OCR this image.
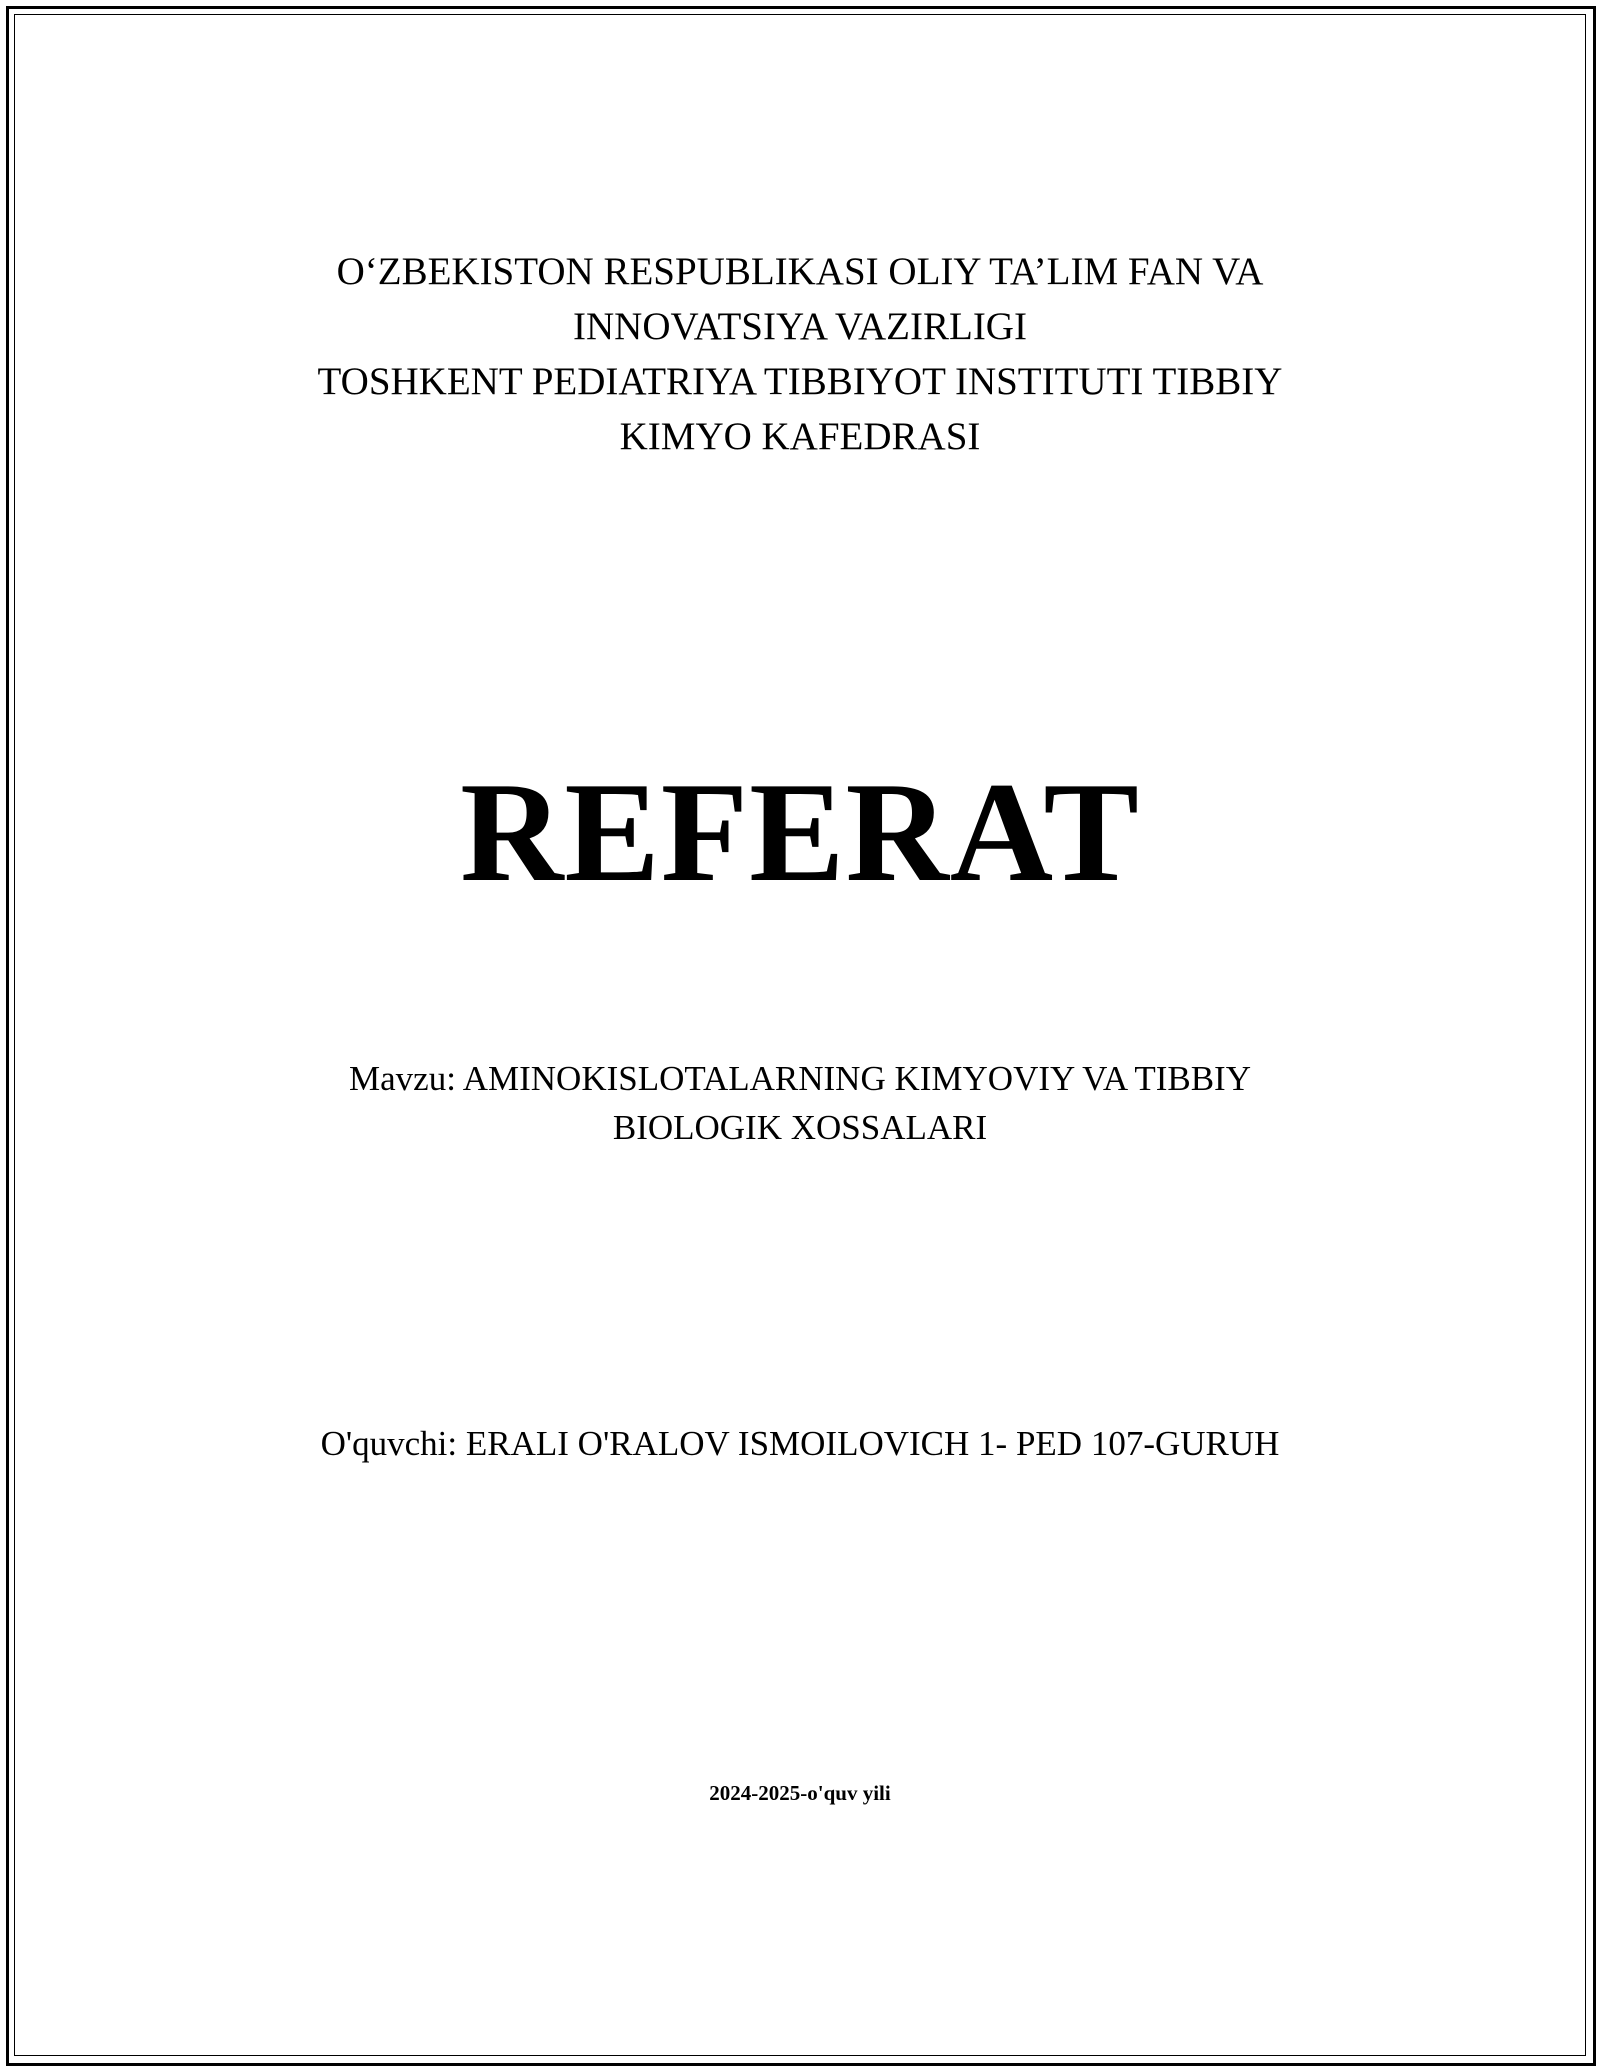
O‘ZBEKISTON RESPUBLIKASI OLIY TA’LIM FAN VA
INNOVATSIYA VAZIRLIGI
TOSHKENT PEDIATRIYA TIBBIYOT INSTITUTI TIBBIY
KIMYO KAFEDRASI
REFERAT
Mavzu: AMINOKISLOTALARNING KIMYOVIY VA TIBBIY
BIOLOGIK XOSSALARI
O'quvchi: ERALI O'RALOV ISMOILOVICH 1- PED 107-GURUH
2024-2025-o'quv yili
